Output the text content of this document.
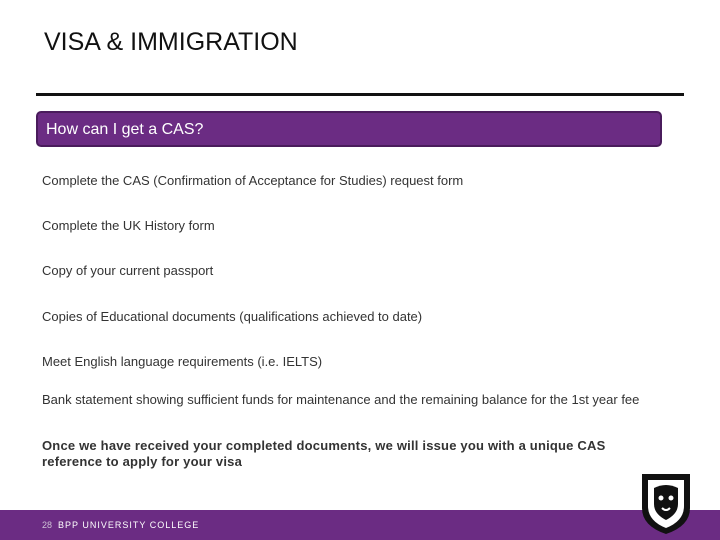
VISA & IMMIGRATION
How can I get a CAS?
Complete the CAS (Confirmation of Acceptance for Studies) request form
Complete the UK History form
Copy of your current passport
Copies of Educational documents (qualifications achieved to date)
Meet English language requirements (i.e. IELTS)
Bank statement showing sufficient funds for maintenance and the remaining balance for the 1st year fee
Once we have received your completed documents, we will issue you with a unique CAS reference to apply for your visa
28 BPP UNIVERSITY COLLEGE
